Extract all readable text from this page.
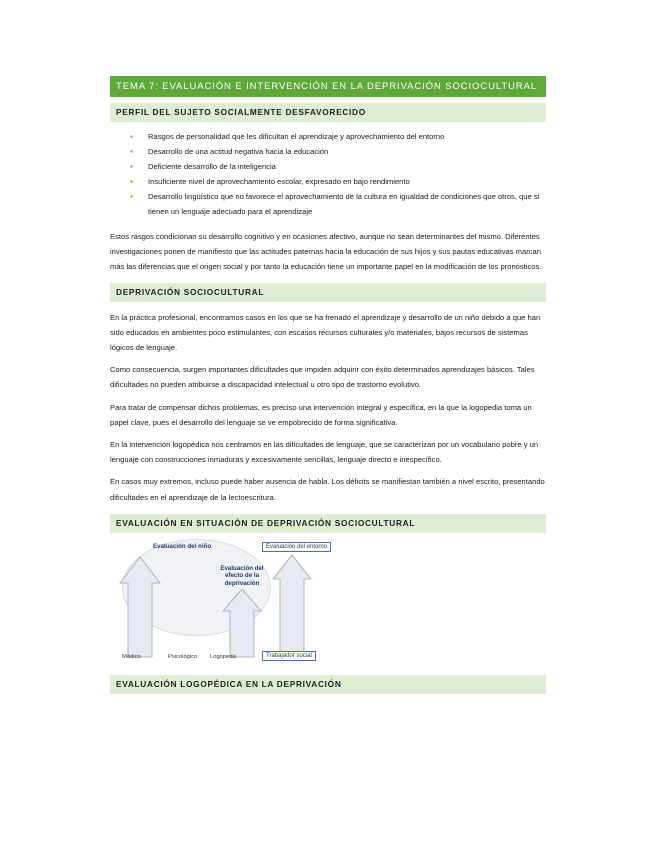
TEMA 7: EVALUACIÓN E INTERVENCIÓN EN LA DEPRIVACIÓN SOCIOCULTURAL
PERFIL DEL SUJETO SOCIALMENTE DESFAVORECIDO
▪ Rasgos de personalidad que les dificultan el aprendizaje y aprovechamiento del entorno
▪ Desarrollo de una actitud negativa hacia la educación
▪ Deficiente desarrollo de la inteligencia
▪ Insuficiente nivel de aprovechamiento escolar, expresado en bajo rendimiento
▪ Desarrollo lingüístico que no favorece el aprovechamiento de la cultura en igualdad de condiciones que otros, que si tienen un lenguaje adecuado para el aprendizaje

Estos rasgos condicionan su desarrollo cognitivo y en ocasiones afectivo, aunque no sean determinantes del mismo. Diferentes investigaciones ponen de manifiesto que las actitudes paternas hacia la educación de sus hijos y sus pautas educativas marcan más las diferencias que el origen social y por tanto la educación tiene un importante papel en la modificación de los pronósticos.

DEPRIVACIÓN SOCIOCULTURAL

En la práctica profesional, encontramos casos en los que se ha frenado el aprendizaje y desarrollo de un niño debido a que han sido educados en ambientes poco estimulantes, con escasos recursos culturales y/o materiales, bajos recursos de sistemas lógicos de lenguaje.

Como consecuencia, surgen importantes dificultades que impiden adquirir con éxito determinados aprendizajes básicos. Tales dificultades no pueden atribuirse a discapacidad intelectual u otro tipo de trastorno evolutivo.

Para tratar de compensar dichos problemas, es preciso una intervención integral y específica, en la que la logopedia toma un papel clave, pues el desarrollo del lenguaje se ve empobrecido de forma significativa.

En la intervención logopédica nos centramos en las dificultades de lenguaje, que se caracterizan por un vocabulario pobre y un lenguaje con construcciones inmaduras y excesivamente sencillas, lenguaje directo e inespecífico.

En casos muy extremos, incluso puede haber ausencia de habla. Los déficits se manifiestan también a nivel escrito, presentando dificultades en el aprendizaje de la lectoescritura.

EVALUACIÓN EN SITUACIÓN DE DEPRIVACIÓN SOCIOCULTURAL
Evaluación del niño	Evaluación del entorno
Evaluación del efecto de la deprivación
Médico	Psicológico Logopeda	Trabajador social
EVALUACIÓN LOGOPÉDICA EN LA DEPRIVACIÓN
